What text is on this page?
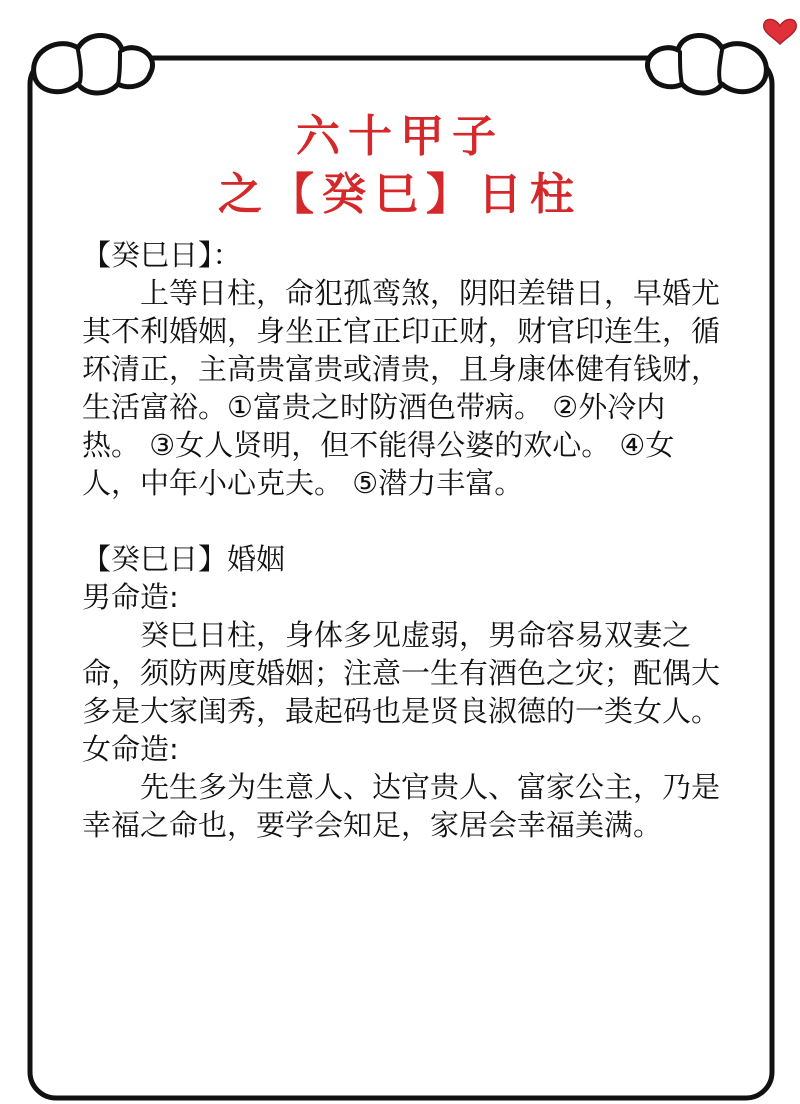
六十甲子
之【癸巳】日柱

【癸巳日】：

上等日柱，命犯孤鸾煞，阴阳差错日，早婚尤其不利婚姻，身坐正官正印正财，财官印连生，循环清正，主高贵富贵或清贵，且身康体健有钱财，生活富裕。①富贵之时防酒色带病。 ②外冷内热。 ③女人贤明，但不能得公婆的欢心。 ④女人，中年小心克夫。 ⑤潜力丰富。

【癸巳日】婚姻

男命造:

癸巳日柱，身体多见虚弱，男命容易双妻之命，须防两度婚姻；注意一生有酒色之灾；配偶大多是大家闺秀，最起码也是贤良淑德的一类女人。

女命造:

先生多为生意人、达官贵人、富家公主，乃是幸福之命也，要学会知足，家居会幸福美满。
